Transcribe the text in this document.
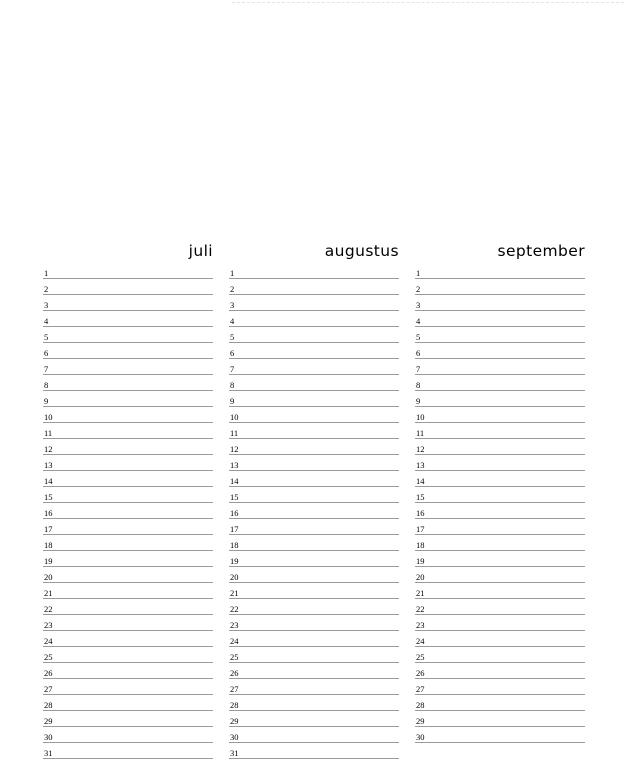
juli
1
2
3
4
5
6
7
8
9
10
11
12
13
14
15
16
17
18
19
20
21
22
23
24
25
26
27
28
29
30
31
augustus
1
2
3
4
5
6
7
8
9
10
11
12
13
14
15
16
17
18
19
20
21
22
23
24
25
26
27
28
29
30
31
september
1
2
3
4
5
6
7
8
9
10
11
12
13
14
15
16
17
18
19
20
21
22
23
24
25
26
27
28
29
30
